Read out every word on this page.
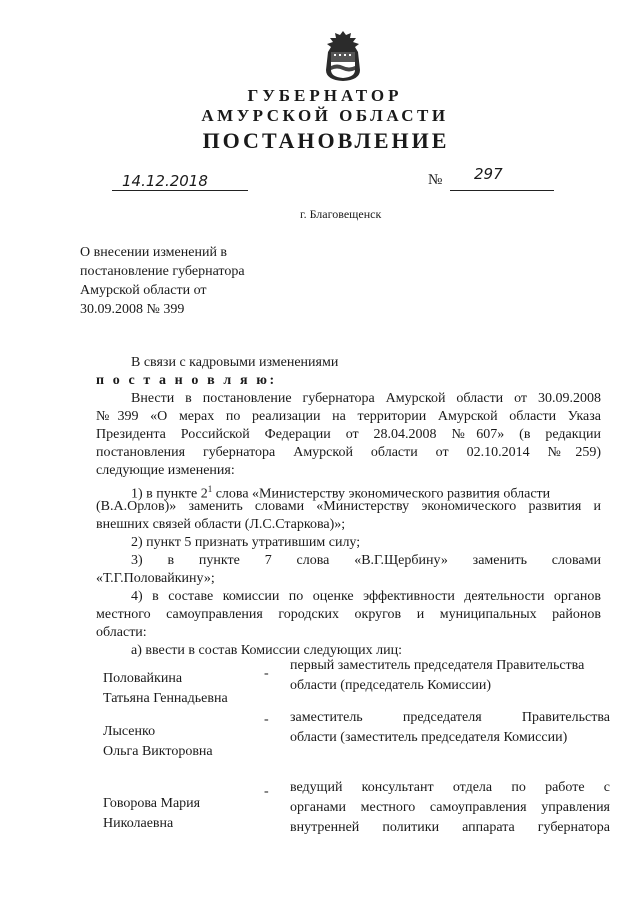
ГУБЕРНАТОР
АМУРСКОЙ ОБЛАСТИ
ПОСТАНОВЛЕНИЕ
14.12.2018	№ 297
г. Благовещенск
О внесении изменений в
постановление губернатора
Амурской области от
30.09.2008 № 399
В связи с кадровыми изменениями
п о с т а н о в л я ю:
Внести в постановление губернатора Амурской области от 30.09.2008
№399 «О мерах по реализации на территории Амурской области Указа
Президента Российской Федерации от 28.04.2008 №607» (в редакции
постановления губернатора Амурской области от 02.10.2014 №259)
следующие изменения:
1) в пункте $2^1$ слова «Министерству экономического развития области
(В.А.Орлов)» заменить словами «Министерству экономического развития и
внешних связей области (Л.С.Старкова)»;
2) пункт 5 признать утратившим силу;
3) в пункте 7 слова «В.Г.Щербину» заменить словами
«Т.Г.Половайкину»;
4) в составе комиссии по оценке эффективности деятельности органов
местного самоуправления городских округов и муниципальных районов
области:
а) ввести в состав Комиссии следующих лиц:
Половайкина
Татьяна Геннадьевна
-
первый заместитель председателя Правительства
области (председатель Комиссии)
Лысенко
Ольга Викторовна
- заместитель председателя Правительства
области (заместитель председателя Комиссии)
Говорова Мария
Николаевна
- ведущий консультант отдела по работе с
органами местного самоуправления управления
внутренней политики аппарата губернатора
